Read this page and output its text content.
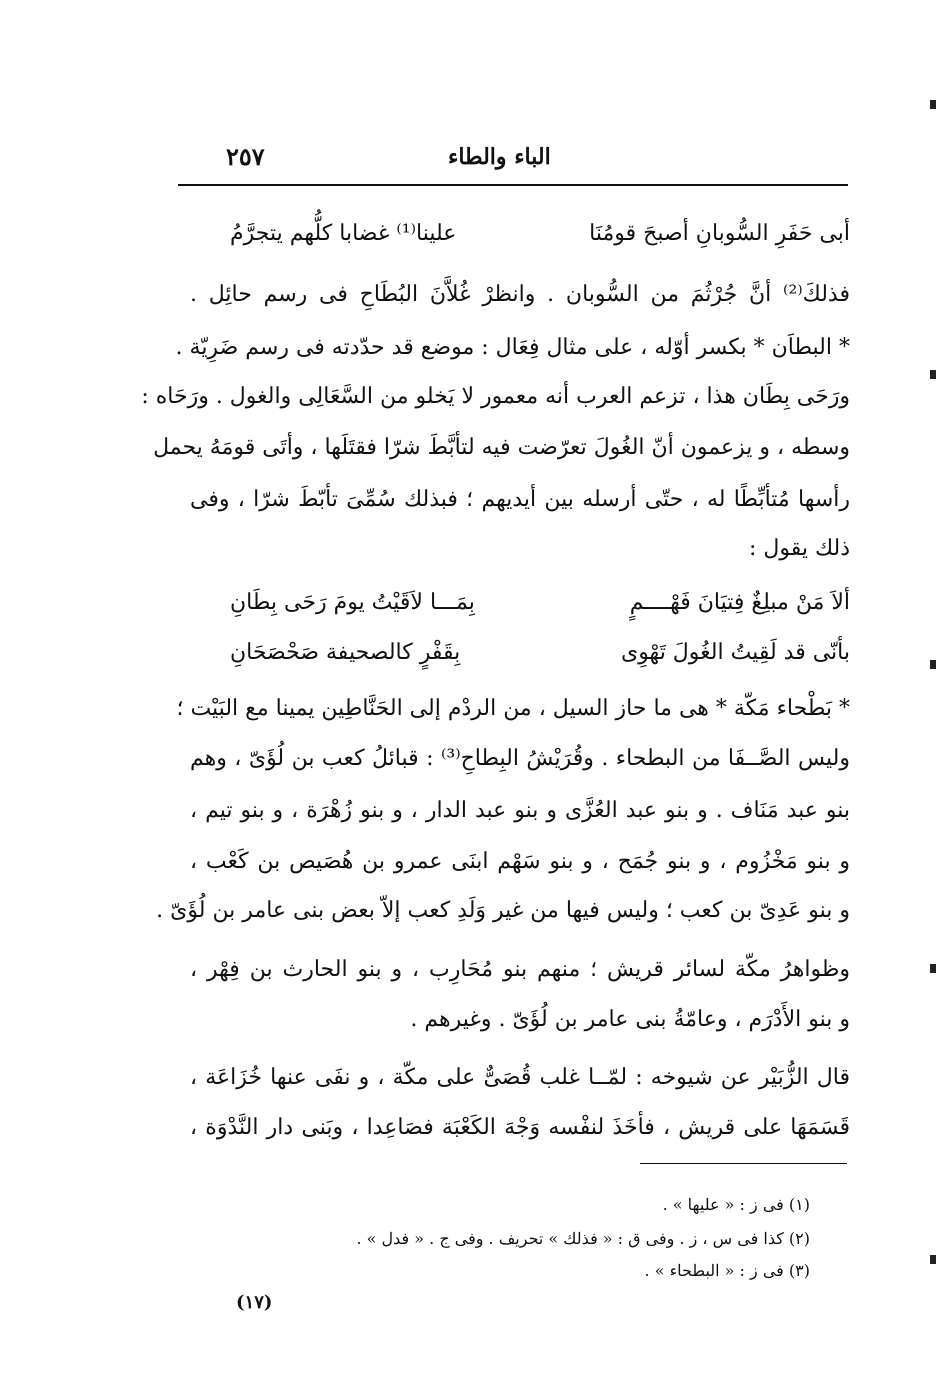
٢٥٧	الباء والطاء
أبى حَفَرِ السُّوبانِ أصبحَ قومُنَا
علينا⁽¹⁾ غضابا كلُّهم يتجرَّمُ
فذلكَ⁽²⁾ أنَّ جُرْثُمَ من السُّوبان . وانظرْ غُلاَّنَ البُطَاحِ فى رسم حائِل .
* البطاَن * بكسر أوّله ، على مثال فِعَال : موضع قد حدّدته فى رسم ضَرِيّة .
ورَحَى بِطَان هذا ، تزعم العرب أنه معمور لا يَخلو من السَّعَالِى والغول . ورَحَاه :
وسطه ، و يزعمون أنّ الغُولَ تعرّضت فيه لتأبَّطَ شرّا فقتَلَها ، وأتَى قومَهُ يحمل
رأسها مُتأبِّطًا له ، حتّى أرسله بين أيديهم ؛ فبذلك سُمِّىَ تأبّطَ شرّا ، وفى
ذلك يقول :
ألاَ مَنْ مبلِغٌ فِتيَانَ فَهْــــمٍ
بِمَـــا لاَقَيْتُ يومَ رَحَى بِطَانِ
بأنّى قد لَقِيتُ الغُولَ تَهْوِى
بِقَفْرٍ كالصحيفة صَحْصَحَانِ
* بَطْحاء مَكّة * هى ما حاز السيل ، من الردْم إلى الحَنَّاطِين يمينا مع البَيْت ؛
وليس الصَّــفَا من البطحاء . وقُرَيْشُ البِطاحِ⁽³⁾ : قبائلُ كعب بن لُؤَىّ ، وهم
بنو عبد مَنَاف . و بنو عبد العُزَّى و بنو عبد الدار ، و بنو زُهْرَة ، و بنو تيم ،
و بنو مَخْزُوم ، و بنو جُمَح ، و بنو سَهْم ابنَى عمرو بن هُصَيص بن كَعْب ،
و بنو عَدِىّ بن كعب ؛ وليس فيها من غير وَلَدِ كعب إلاّ بعض بنى عامر بن لُؤَىّ .
وظواهرُ مكّة لسائر قريش ؛ منهم بنو مُحَارِب ، و بنو الحارث بن فِهْر ،
و بنو الأَدْرَم ، وعامّةُ بنى عامر بن لُؤَىّ . وغيرهم .
قال الزُّبَيْر عن شيوخه : لمّــا غلب قُصَىٌّ على مكّة ، و نفَى عنها خُزَاعَة ،
قَسَمَهَا على قريش ، فأخَذَ لنفْسه وَجْهَ الكَعْبَة فصَاعِدا ، وبَنى دار النَّدْوَة ،
(١) فى ز : « عليها » .
(٢) كذا فى س ، ز . وفى ق : « فذلك » تحريف . وفى ج . « فدل » .
(٣) فى ز : « البطحاء » .
(١٧)
